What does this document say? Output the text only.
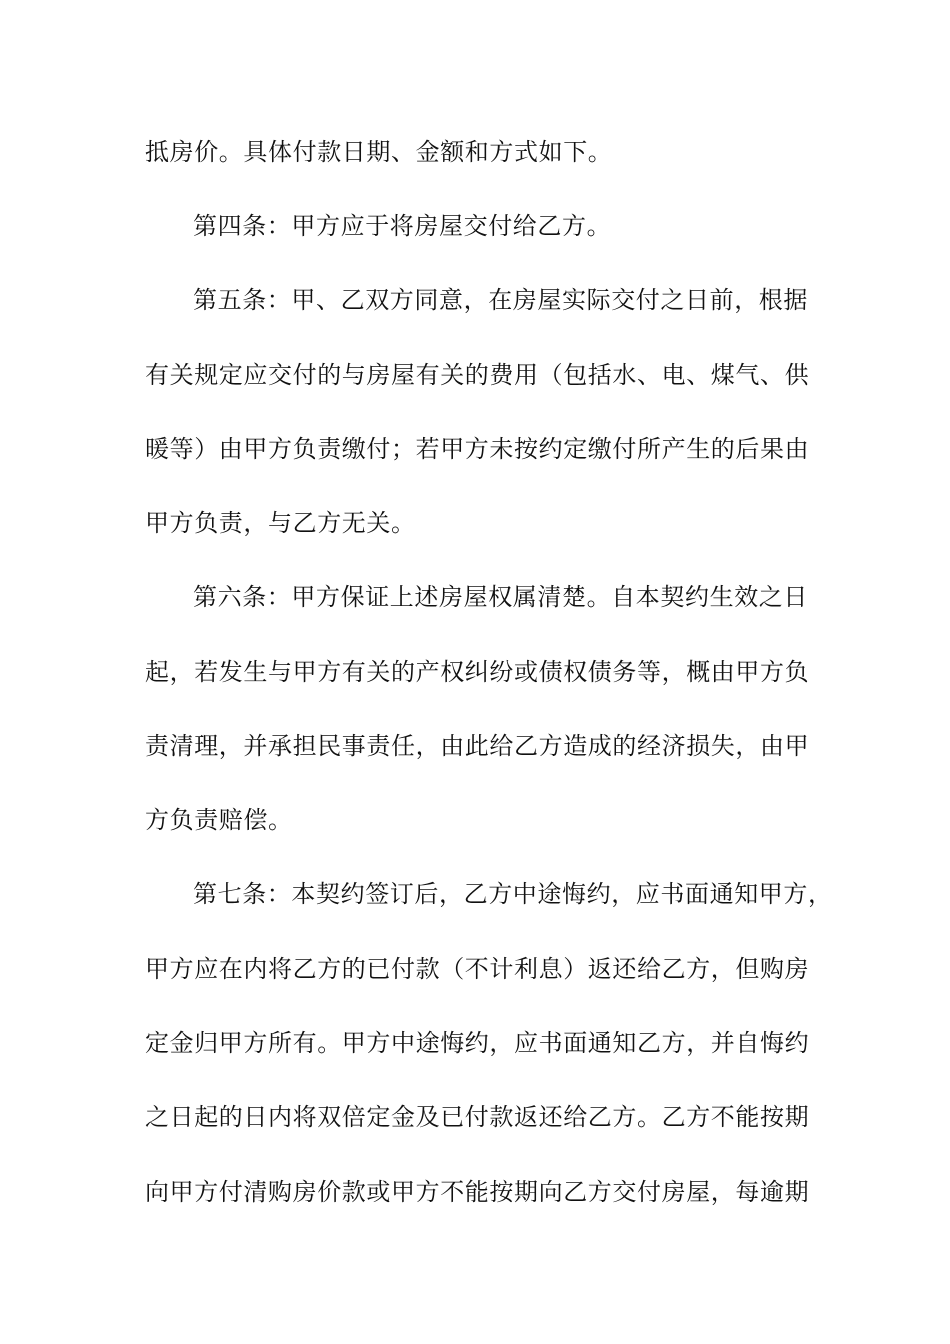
抵房价。具体付款日期、金额和方式如下。
第四条：甲方应于将房屋交付给乙方。
第五条：甲、乙双方同意，在房屋实际交付之日前，根据
有关规定应交付的与房屋有关的费用（包括水、电、煤气、供
暖等）由甲方负责缴付；若甲方未按约定缴付所产生的后果由
甲方负责，与乙方无关。
第六条：甲方保证上述房屋权属清楚。自本契约生效之日
起，若发生与甲方有关的产权纠纷或债权债务等，概由甲方负
责清理，并承担民事责任，由此给乙方造成的经济损失，由甲
方负责赔偿。
第七条：本契约签订后，乙方中途悔约，应书面通知甲方，
甲方应在内将乙方的已付款（不计利息）返还给乙方，但购房
定金归甲方所有。甲方中途悔约，应书面通知乙方，并自悔约
之日起的日内将双倍定金及已付款返还给乙方。乙方不能按期
向甲方付清购房价款或甲方不能按期向乙方交付房屋，每逾期
